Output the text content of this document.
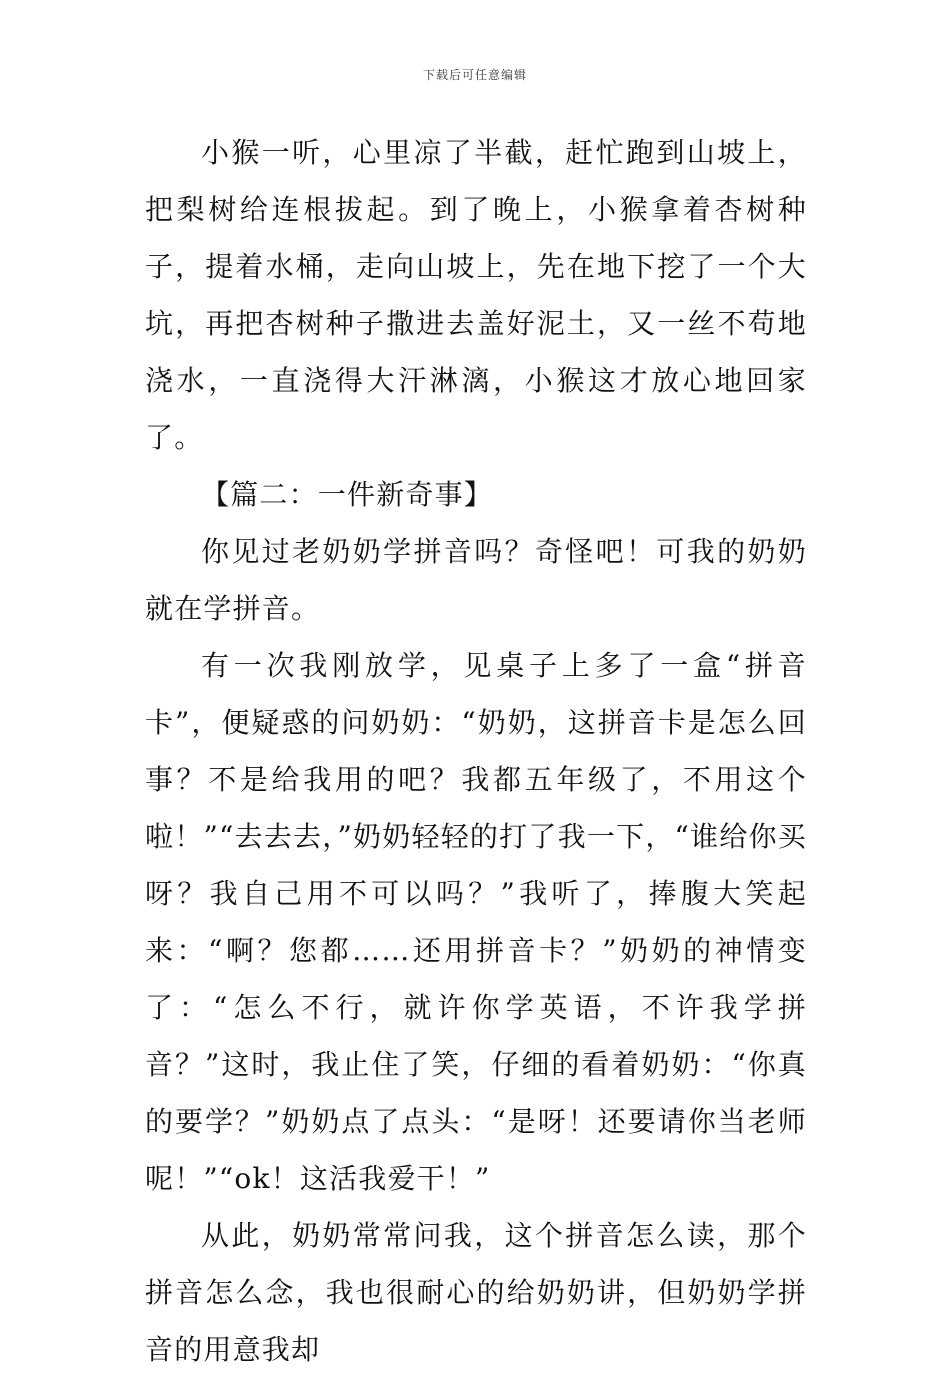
下载后可任意编辑

小猴一听，心里凉了半截，赶忙跑到山坡上，把梨树给连根拔起。到了晚上，小猴拿着杏树种子，提着水桶，走向山坡上，先在地下挖了一个大坑，再把杏树种子撒进去盖好泥土，又一丝不苟地浇水，一直浇得大汗淋漓，小猴这才放心地回家了。

【篇二：一件新奇事】

你见过老奶奶学拼音吗？奇怪吧！可我的奶奶就在学拼音。

有一次我刚放学，见桌子上多了一盒“拼音卡”，便疑惑的问奶奶：“奶奶，这拼音卡是怎么回事？不是给我用的吧？我都五年级了，不用这个啦！”“去去去，”奶奶轻轻的打了我一下，“谁给你买呀？我自己用不可以吗？”我听了，捧腹大笑起来：“啊？您都……还用拼音卡？”奶奶的神情变了：“怎么不行，就许你学英语，不许我学拼音？”这时，我止住了笑，仔细的看着奶奶：“你真的要学？”奶奶点了点头：“是呀！还要请你当老师呢！”“ok！这活我爱干！”

从此，奶奶常常问我，这个拼音怎么读，那个拼音怎么念，我也很耐心的给奶奶讲，但奶奶学拼音的用意我却
